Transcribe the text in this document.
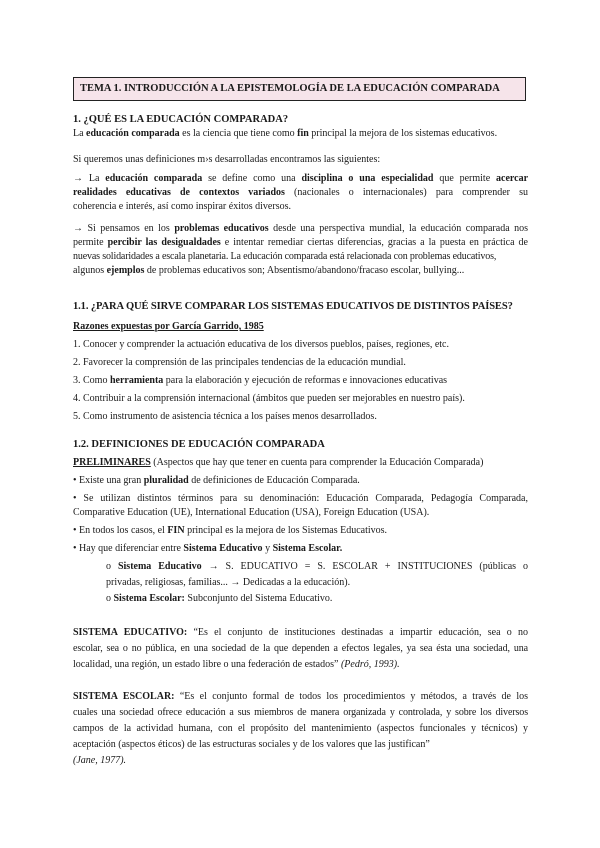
TEMA 1. INTRODUCCIÓN A LA EPISTEMOLOGÍA DE LA EDUCACIÓN COMPARADA
1. ¿QUÉ ES LA EDUCACIÓN COMPARADA?
La educación comparada es la ciencia que tiene como fin principal la mejora de los sistemas educativos.
Si queremos unas definiciones m›s desarrolladas encontramos las siguientes:
→ La educación comparada se define como una disciplina o una especialidad que permite acercar
realidades educativas de contextos variados (nacionales o internacionales) para comprender su
coherencia e interés, así como inspirar éxitos diversos.
→ Si pensamos en los problemas educativos desde una perspectiva mundial, la educación comparada nos
permite percibir las desigualdades e intentar remediar ciertas diferencias, gracias a la puesta en práctica de
nuevas solidaridades a escala planetaria. La educación comparada está relacionada con problemas educativos,
algunos ejemplos de problemas educativos son; Absentismo/abandono/fracaso escolar, bullying...
1.1. ¿PARA QUÉ SIRVE COMPARAR LOS SISTEMAS EDUCATIVOS DE DISTINTOS PAÍSES?
Razones expuestas por García Garrido, 1985
1. Conocer y comprender la actuación educativa de los diversos pueblos, países, regiones, etc.
2. Favorecer la comprensión de las principales tendencias de la educación mundial.
3. Como herramienta para la elaboración y ejecución de reformas e innovaciones educativas
4. Contribuir a la comprensión internacional (ámbitos que pueden ser mejorables en nuestro país).
5. Como instrumento de asistencia técnica a los países menos desarrollados.
1.2. DEFINICIONES DE EDUCACIÓN COMPARADA
PRELIMINARES (Aspectos que hay que tener en cuenta para comprender la Educación Comparada)
• Existe una gran pluralidad de definiciones de Educación Comparada.
• Se utilizan distintos términos para su denominación: Educación Comparada, Pedagogía Comparada,
Comparative Education (UE), International Education (USA), Foreign Education (USA).
• En todos los casos, el FIN principal es la mejora de los Sistemas Educativos.
• Hay que diferenciar entre Sistema Educativo y Sistema Escolar.
o Sistema Educativo → S. EDUCATIVO = S. ESCOLAR + INSTITUCIONES (públicas o
privadas, religiosas, familias... → Dedicadas a la educación).
o Sistema Escolar: Subconjunto del Sistema Educativo.
SISTEMA EDUCATIVO: “Es el conjunto de instituciones destinadas a impartir educación, sea o no
escolar, sea o no pública, en una sociedad de la que dependen a efectos legales, ya sea ésta una sociedad, una
localidad, una región, un estado libre o una federación de estados” (Pedró, 1993).
SISTEMA ESCOLAR: “Es el conjunto formal de todos los procedimientos y métodos, a través de los
cuales una sociedad ofrece educación a sus miembros de manera organizada y controlada, y sobre los diversos
campos de la actividad humana, con el propósito del mantenimiento (aspectos funcionales y técnicos) y
aceptación (aspectos éticos) de las estructuras sociales y de los valores que las justifican”
(Jane, 1977).
